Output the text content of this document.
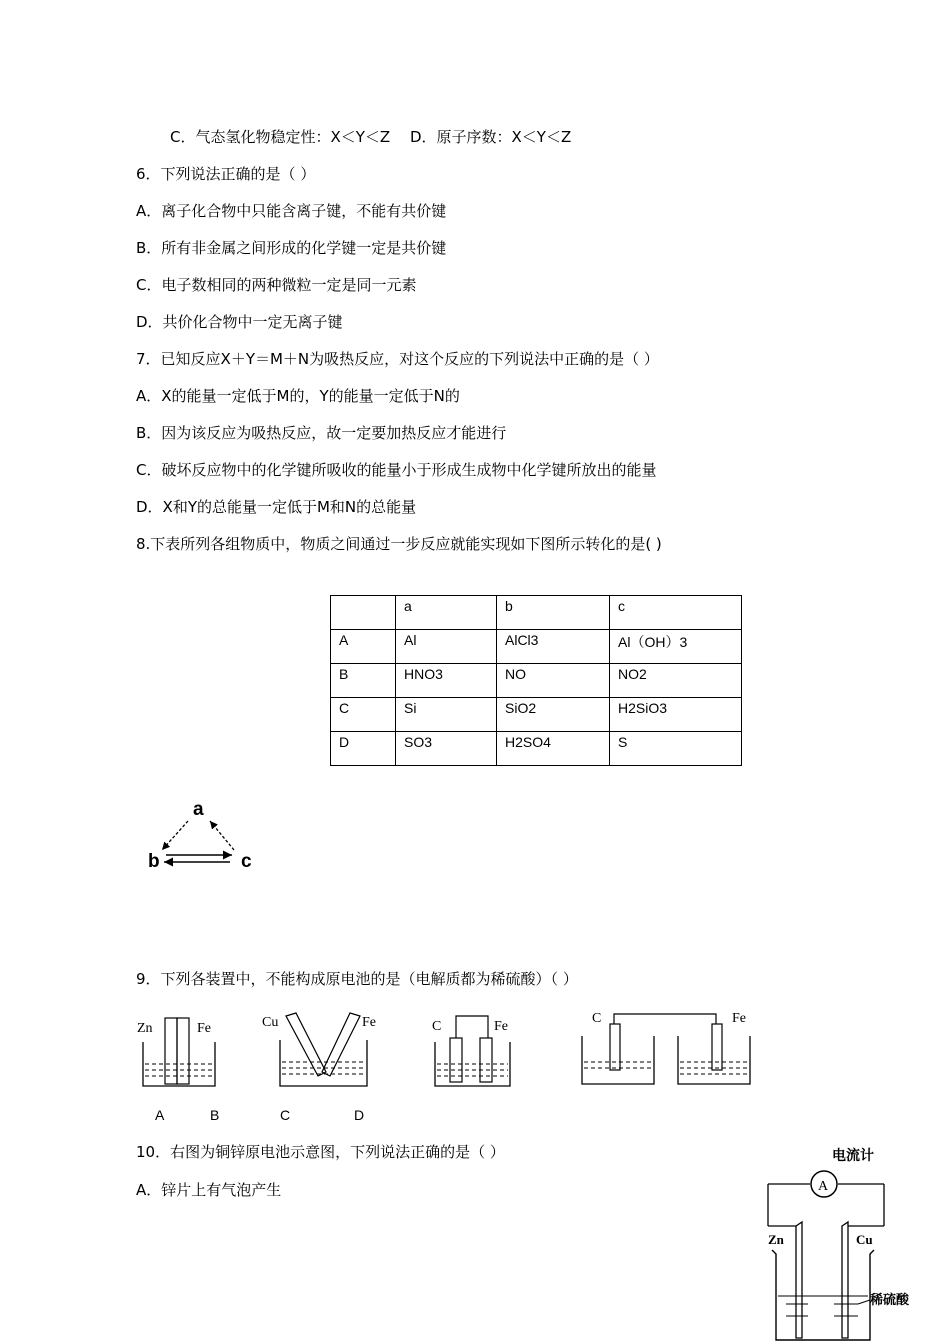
C．气态氢化物稳定性：X＜Y＜Z　 D．原子序数：X＜Y＜Z
6．下列说法正确的是（ ）
A．离子化合物中只能含离子键，不能有共价键
B．所有非金属之间形成的化学键一定是共价键
C．电子数相同的两种微粒一定是同一元素
D．共价化合物中一定无离子键
7．已知反应X＋Y＝M＋N为吸热反应，对这个反应的下列说法中正确的是（ ）
A．X的能量一定低于M的，Y的能量一定低于N的
B．因为该反应为吸热反应，故一定要加热反应才能进行
C．破坏反应物中的化学键所吸收的能量小于形成生成物中化学键所放出的能量
D．X和Y的总能量一定低于M和N的总能量
8.下表所列各组物质中，物质之间通过一步反应就能实现如下图所示转化的是( )
	a	b	c
A	Al	AlCl3	Al（OH）3
B	HNO3	NO	NO2
C	Si	SiO2	H2SiO3
D	SO3	H2SO4	S
a
b	c
9．下列各装置中，不能构成原电池的是（电解质都为稀硫酸）（ ）
Zn	Fe	Cu	Fe	C	Fe
C	Fe
A	B	C	D
10．右图为铜锌原电池示意图，下列说法正确的是（ ）
A．锌片上有气泡产生
电流计
A
Zn	Cu
稀硫酸
